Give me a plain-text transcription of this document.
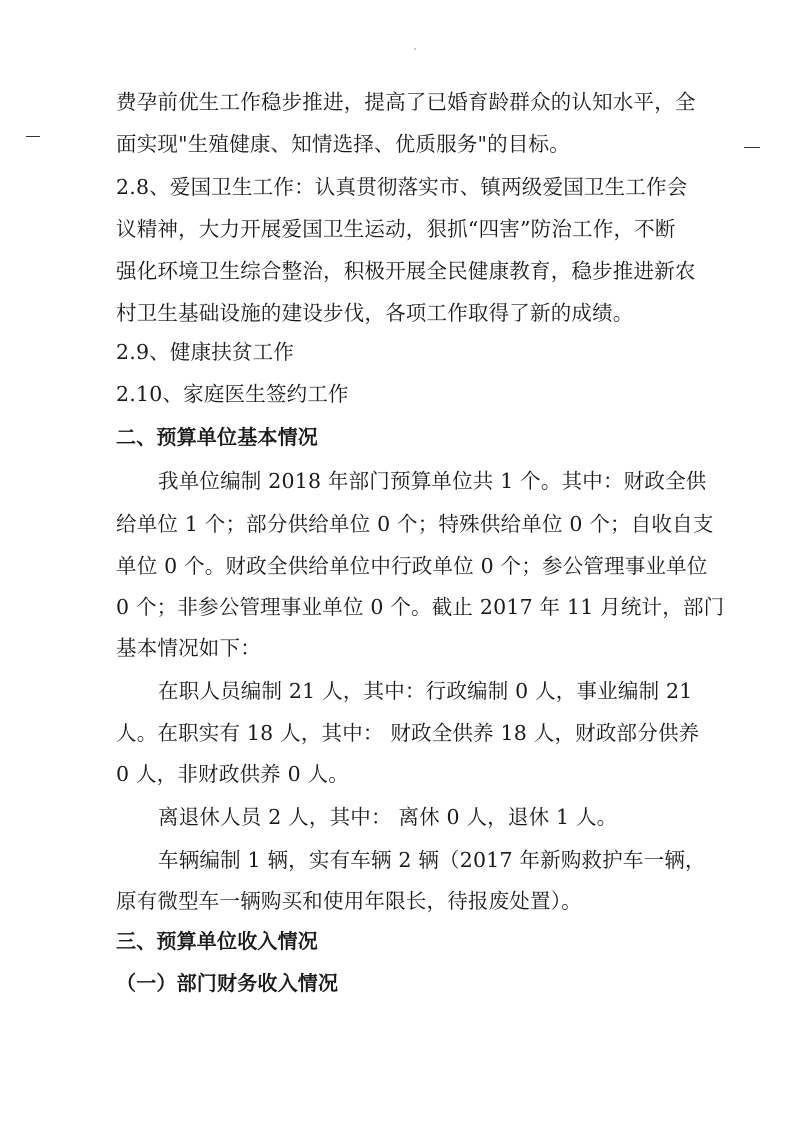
费孕前优生工作稳步推进，提高了已婚育龄群众的认知水平，全
面实现"生殖健康、知情选择、优质服务"的目标。
2.8、爱国卫生工作：认真贯彻落实市、镇两级爱国卫生工作会
议精神，大力开展爱国卫生运动，狠抓“四害”防治工作，不断
强化环境卫生综合整治，积极开展全民健康教育，稳步推进新农
村卫生基础设施的建设步伐，各项工作取得了新的成绩。
2.9、健康扶贫工作
2.10、家庭医生签约工作
二、预算单位基本情况
我单位编制 2018 年部门预算单位共 1 个。其中：财政全供
给单位 1 个；部分供给单位 0 个；特殊供给单位 0 个；自收自支
单位 0 个。财政全供给单位中行政单位 0 个；参公管理事业单位
0 个；非参公管理事业单位 0 个。截止 2017 年 11 月统计，部门
基本情况如下：
在职人员编制 21 人，其中：行政编制 0 人，事业编制 21
人。在职实有 18 人，其中： 财政全供养 18 人，财政部分供养
0 人，非财政供养 0 人。
离退休人员 2 人，其中： 离休 0 人，退休 1 人。
车辆编制 1 辆，实有车辆 2 辆（2017 年新购救护车一辆，
原有微型车一辆购买和使用年限长，待报废处置）。
三、预算单位收入情况
（一）部门财务收入情况
